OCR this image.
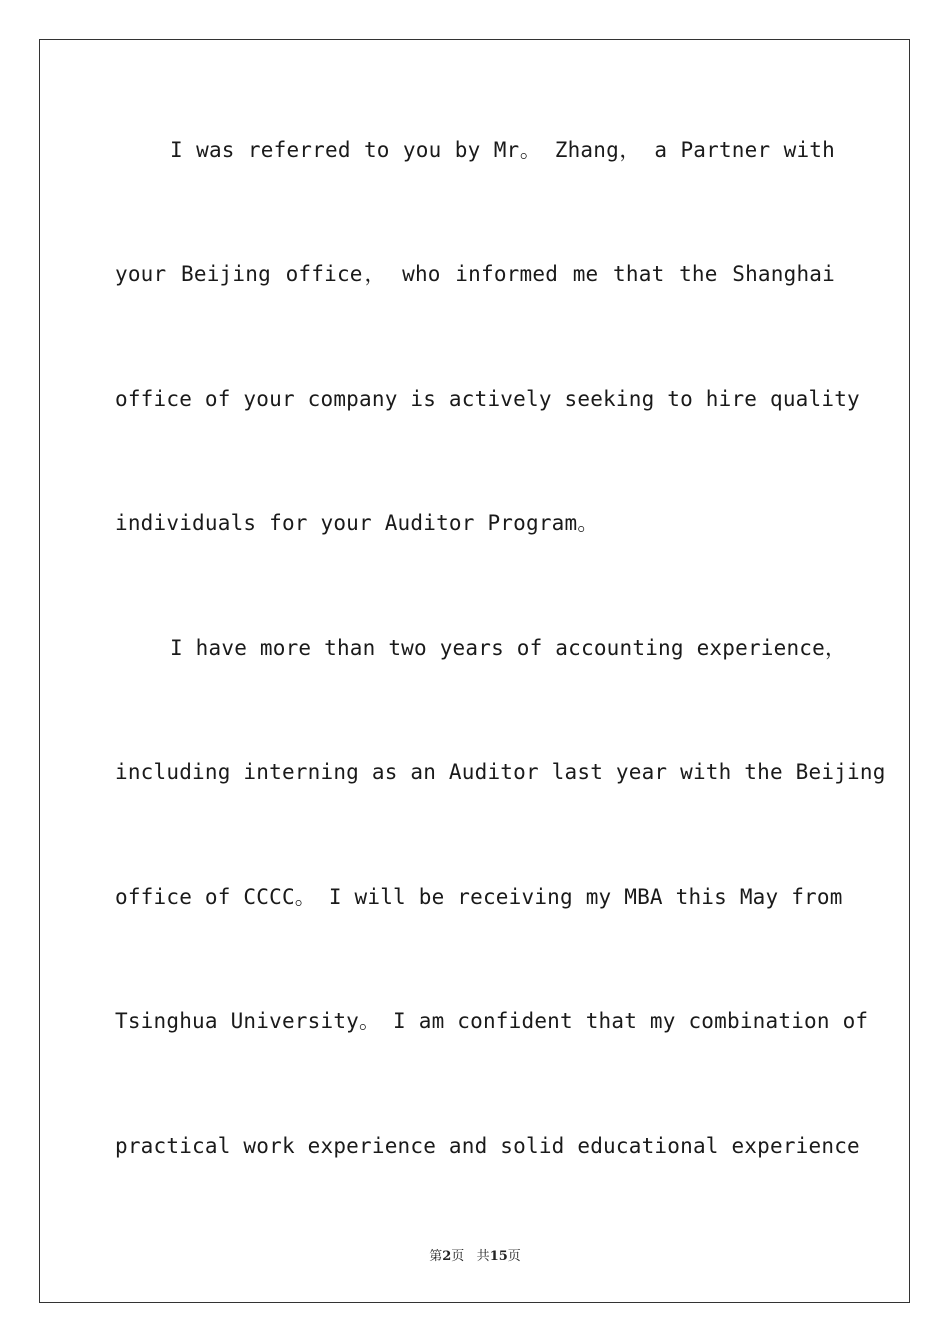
I was referred to you by Mr。 Zhang， a Partner with
your Beijing office， who informed me that the Shanghai
office of your company is actively seeking to hire quality
individuals for your Auditor Program。
I have more than two years of accounting experience，
including interning as an Auditor last year with the Beijing
office of CCCC。 I will be receiving my MBA this May from
Tsinghua University。 I am confident that my combination of
practical work experience and solid educational experience
第2页 共15页
